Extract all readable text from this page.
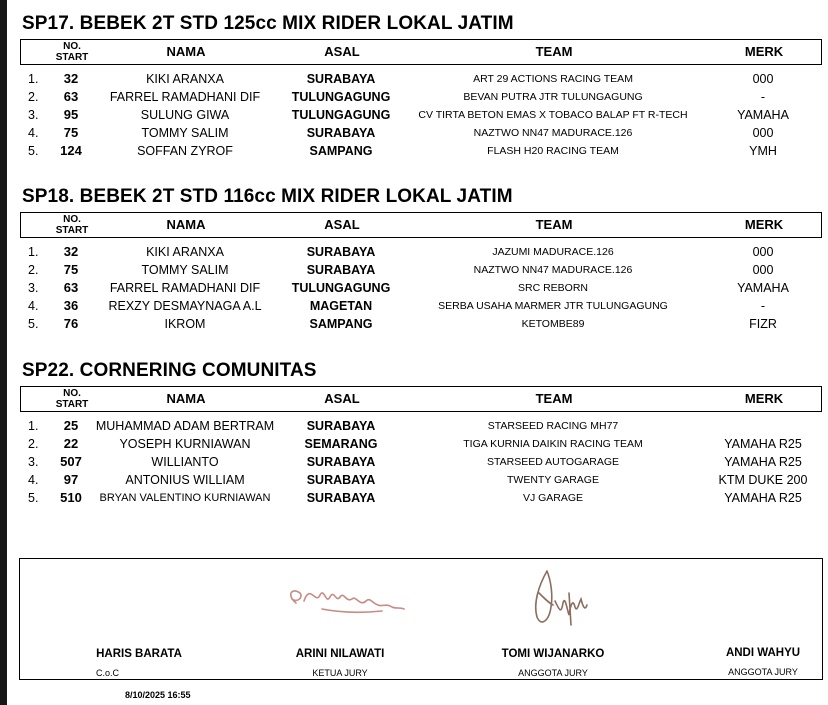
SP17. BEBEK 2T STD 125cc MIX RIDER LOKAL JATIM
NO.
START	NAMA	ASAL	TEAM	MERK
1.	32	KIKI ARANXA	SURABAYA	ART 29 ACTIONS RACING TEAM	000
2.	63	FARREL RAMADHANI DIF	TULUNGAGUNG	BEVAN PUTRA JTR TULUNGAGUNG	-
3.	95	SULUNG GIWA	TULUNGAGUNG	CV TIRTA BETON EMAS X TOBACO BALAP FT R-TECH	YAMAHA
4.	75	TOMMY SALIM	SURABAYA	NAZTWO NN47 MADURACE.126	000
5.	124	SOFFAN ZYROF	SAMPANG	FLASH H20 RACING TEAM	YMH
SP18. BEBEK 2T STD 116cc MIX RIDER LOKAL JATIM
NO.
START	NAMA	ASAL	TEAM	MERK
1.	32	KIKI ARANXA	SURABAYA	JAZUMI MADURACE.126	000
2.	75	TOMMY SALIM	SURABAYA	NAZTWO NN47 MADURACE.126	000
3.	63	FARREL RAMADHANI DIF	TULUNGAGUNG	SRC REBORN	YAMAHA
4.	36	REXZY DESMAYNAGA A.L	MAGETAN	SERBA USAHA MARMER JTR TULUNGAGUNG	-
5.	76	IKROM	SAMPANG	KETOMBE89	FIZR
SP22. CORNERING COMUNITAS
NO.
START	NAMA	ASAL	TEAM	MERK
1.	25	MUHAMMAD ADAM BERTRAM	SURABAYA	STARSEED RACING MH77
2.	22	YOSEPH KURNIAWAN	SEMARANG	TIGA KURNIA DAIKIN RACING TEAM	YAMAHA R25
3.	507	WILLIANTO	SURABAYA	STARSEED AUTOGARAGE	YAMAHA R25
4.	97	ANTONIUS WILLIAM	SURABAYA	TWENTY GARAGE	KTM DUKE 200
5.	510	BRYAN VALENTINO KURNIAWAN	SURABAYA	VJ GARAGE	YAMAHA R25
HARIS BARATA
C.o.C
ARINI NILAWATI
KETUA JURY
TOMI WIJANARKO
ANGGOTA JURY
ANDI WAHYU
ANGGOTA JURY
8/10/2025 16:55
